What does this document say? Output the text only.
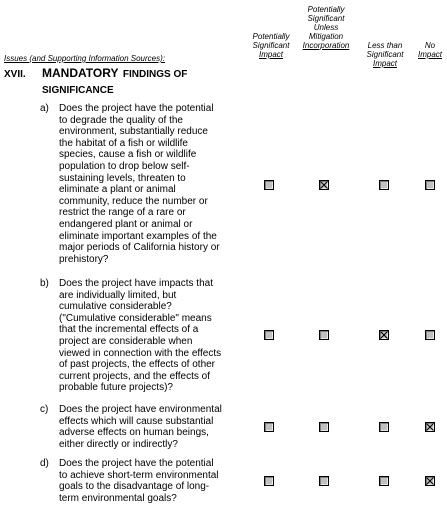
Potentially
Significant
Impact
Potentially
Significant
Unless
Mitigation
Incorporation	Less than
Significant
Impact
No
Impact
Issues (and Supporting Information Sources):
XVII. MANDATORY FINDINGS OF
SIGNIFICANCE
a) Does the project have the potential
to degrade the quality of the
environment, substantially reduce
the habitat of a fish or wildlife
species, cause a fish or wildlife
population to drop below self-
sustaining levels, threaten to
eliminate a plant or animal
community, reduce the number or
restrict the range of a rare or
endangered plant or animal or
eliminate important examples of the
major periods of California history or
prehistory?
b) Does the project have impacts that
are individually limited, but
cumulative considerable?
("Cumulative considerable" means
that the incremental effects of a
project are considerable when
viewed in connection with the effects
of past projects, the effects of other
current projects, and the effects of
probable future projects)?
c) Does the project have environmental
effects which will cause substantial
adverse effects on human beings,
either directly or indirectly?
d) Does the project have the potential
to achieve short-term environmental
goals to the disadvantage of long-
term environmental goals?
